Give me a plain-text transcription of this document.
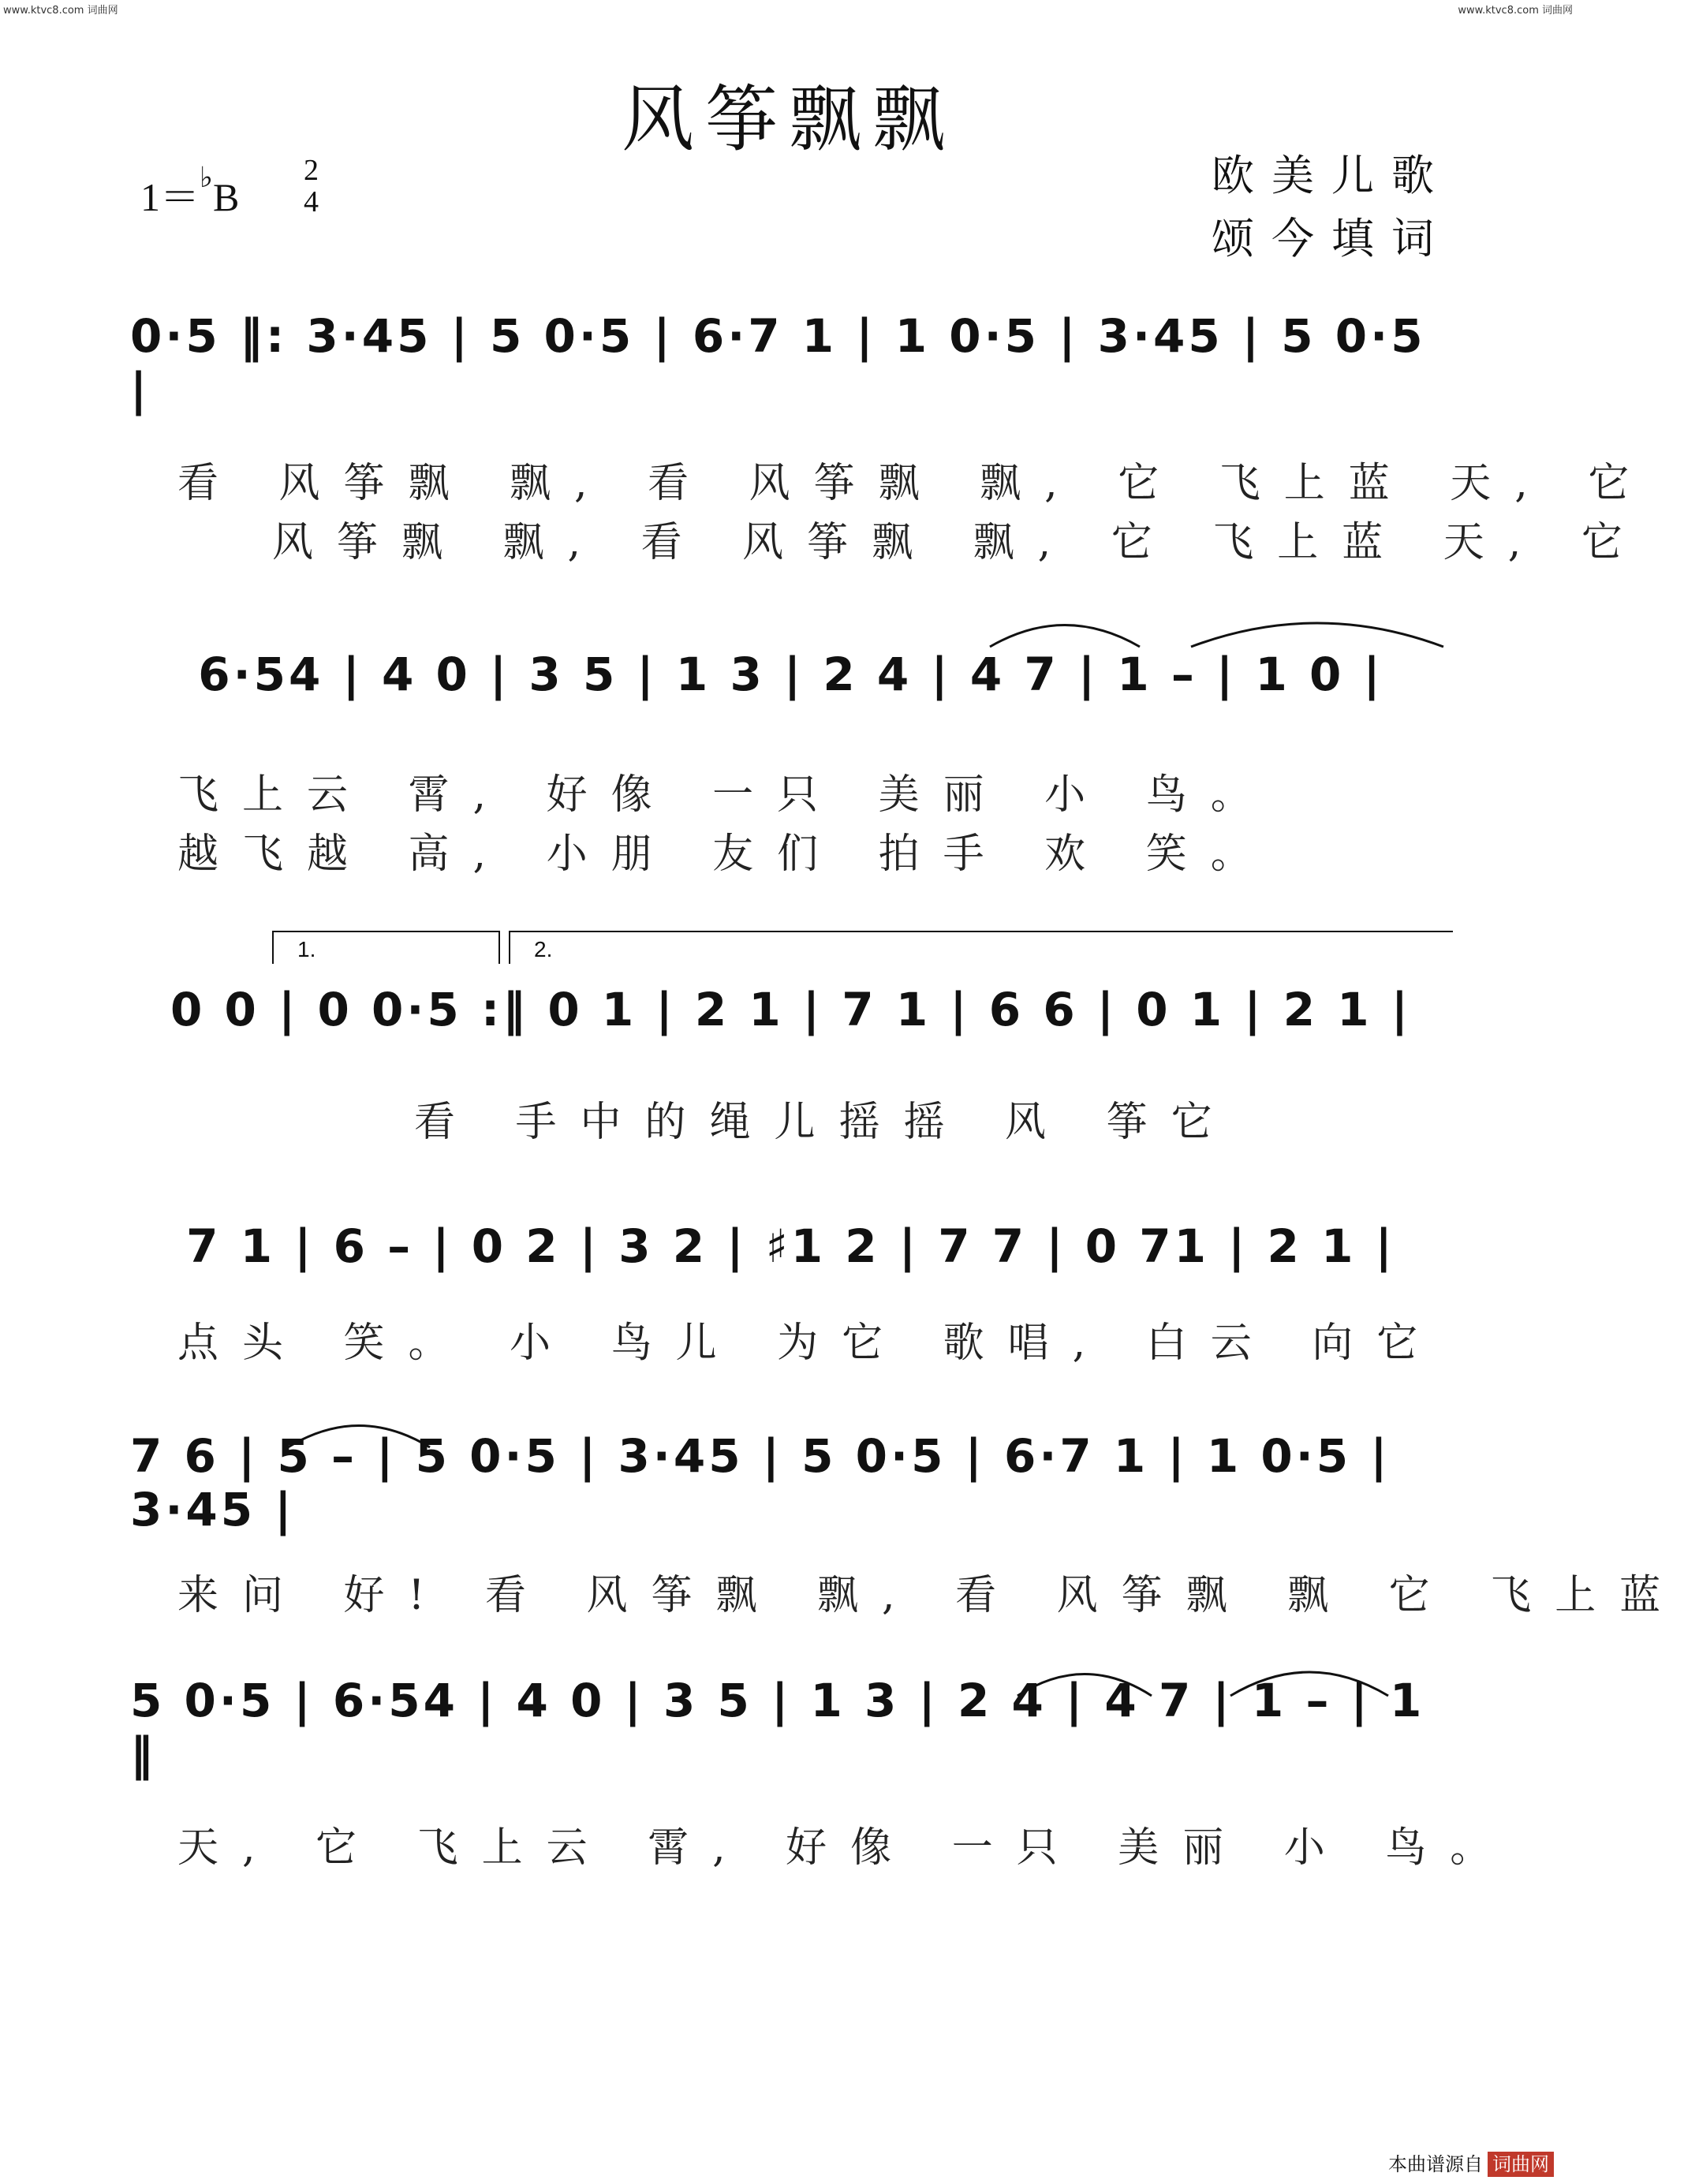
www.ktvc8.com 词曲网	www.ktvc8.com 词曲网
风筝飘飘
欧美儿歌
颂今填词
1＝♭B
2
4
0·5 ‖: 3·45 | 5 0·5 | 6·7 1 | 1 0·5 | 3·45 | 5 0·5 |
看 风筝飘 飘, 看 风筝飘 飘, 它 飞上蓝 天, 它
风筝飘 飘, 看 风筝飘 飘, 它 飞上蓝 天, 它
6·54 | 4 0 | 3 5 | 1 3 | 2 4 | 4 7 | 1 – | 1 0 |
飞上云 霄, 好像 一只 美丽 小 鸟。
越飞越 高, 小朋 友们 拍手 欢 笑。
1.	2.
0 0 | 0 0·5 :‖ 0 1 | 2 1 | 7 1 | 6 6 | 0 1 | 2 1 |
看 手中的绳儿摇摇 风 筝它
7 1 | 6 – | 0 2 | 3 2 | ♯1 2 | 7 7 | 0 71 | 2 1 |
点头 笑。 小 鸟儿 为它 歌唱, 白云 向它
7 6 | 5 – | 5 0·5 | 3·45 | 5 0·5 | 6·7 1 | 1 0·5 | 3·45 |
来问 好! 看 风筝飘 飘, 看 风筝飘 飘 它 飞上蓝
5 0·5 | 6·54 | 4 0 | 3 5 | 1 3 | 2 4 | 4 7 | 1 – | 1 ‖
天, 它 飞上云 霄, 好像 一只 美丽 小 鸟。
本曲谱源自 词曲网
